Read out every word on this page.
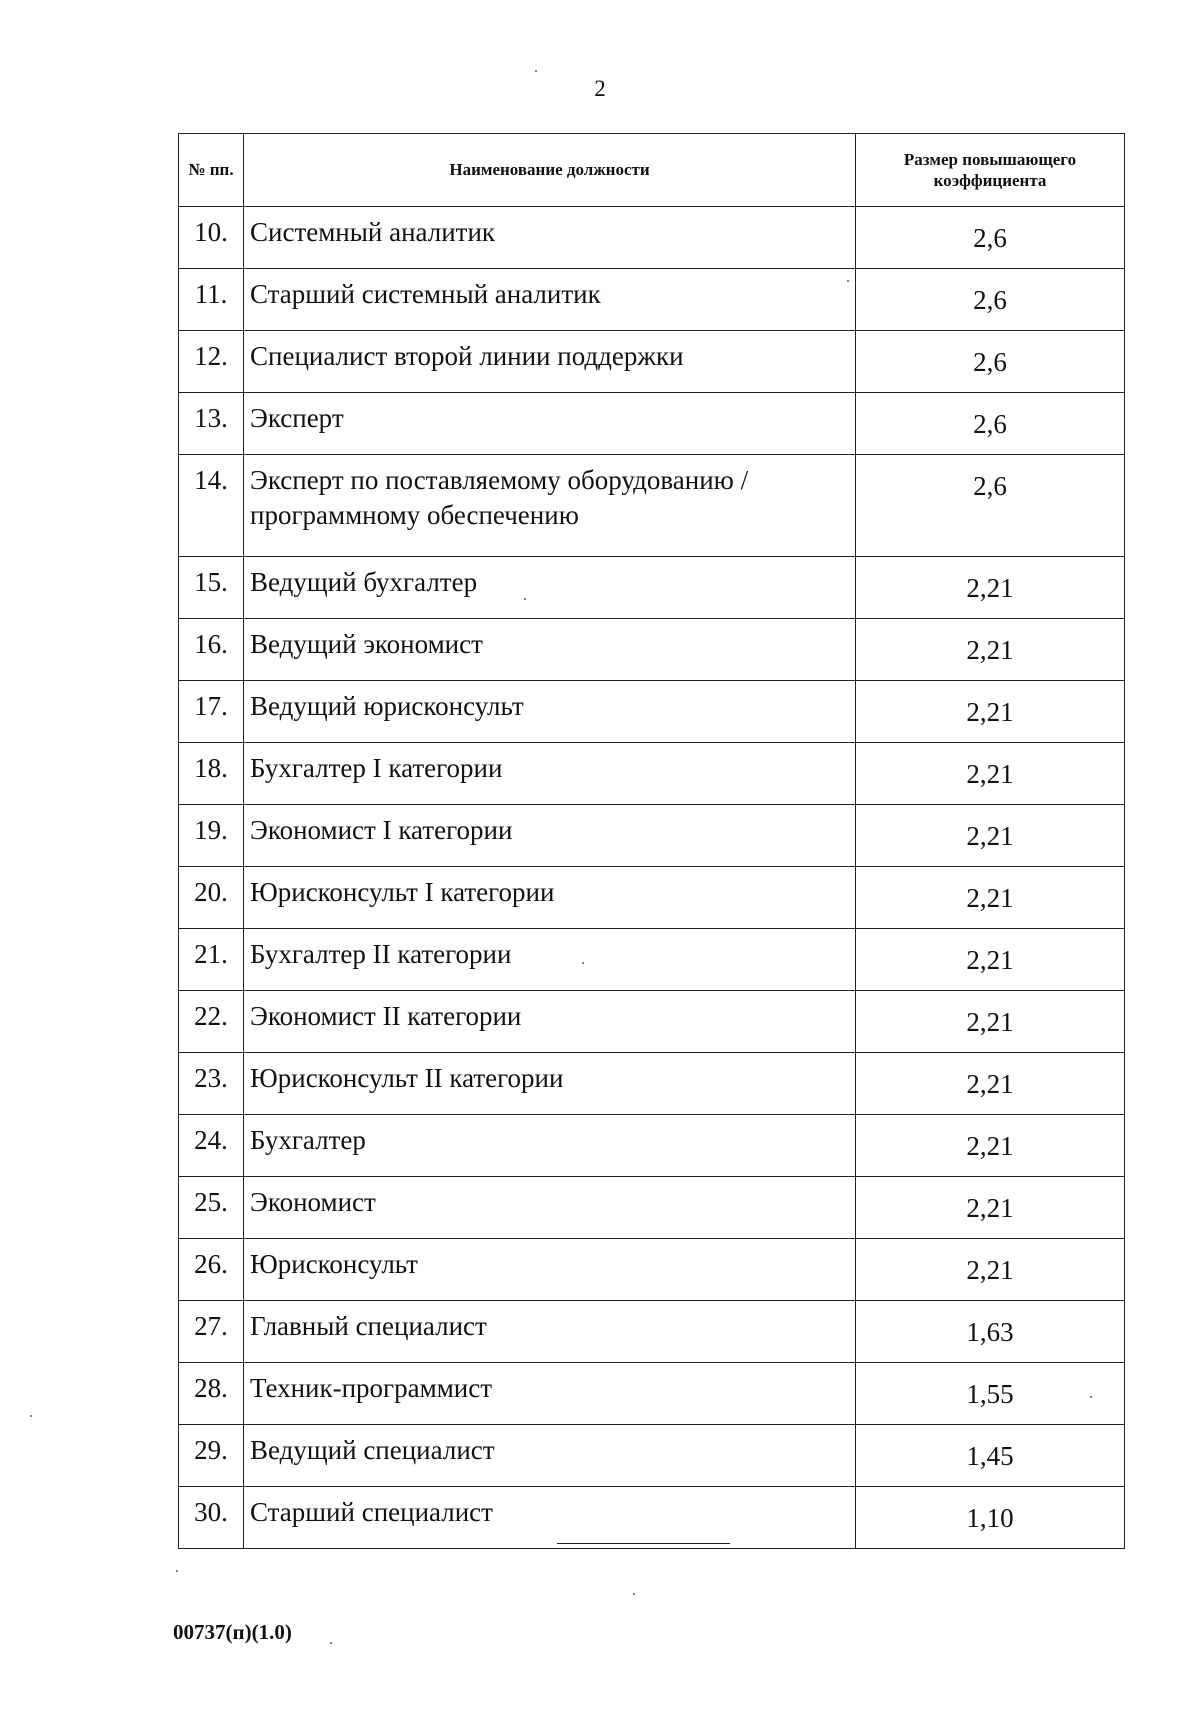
2
№ пп.	Наименование должности	Размер повышающего коэффициента
10.	Системный аналитик	2,6
11.	Старший системный аналитик	2,6
12.	Специалист второй линии поддержки	2,6
13.	Эксперт	2,6
14.	Эксперт по поставляемому оборудованию / программному обеспечению	2,6
15.	Ведущий бухгалтер	2,21
16.	Ведущий экономист	2,21
17.	Ведущий юрисконсульт	2,21
18.	Бухгалтер I категории	2,21
19.	Экономист I категории	2,21
20.	Юрисконсульт I категории	2,21
21.	Бухгалтер II категории	2,21
22.	Экономист II категории	2,21
23.	Юрисконсульт II категории	2,21
24.	Бухгалтер	2,21
25.	Экономист	2,21
26.	Юрисконсульт	2,21
27.	Главный специалист	1,63
28.	Техник-программист	1,55
29.	Ведущий специалист	1,45
30.	Старший специалист	1,10
00737(п)(1.0)
